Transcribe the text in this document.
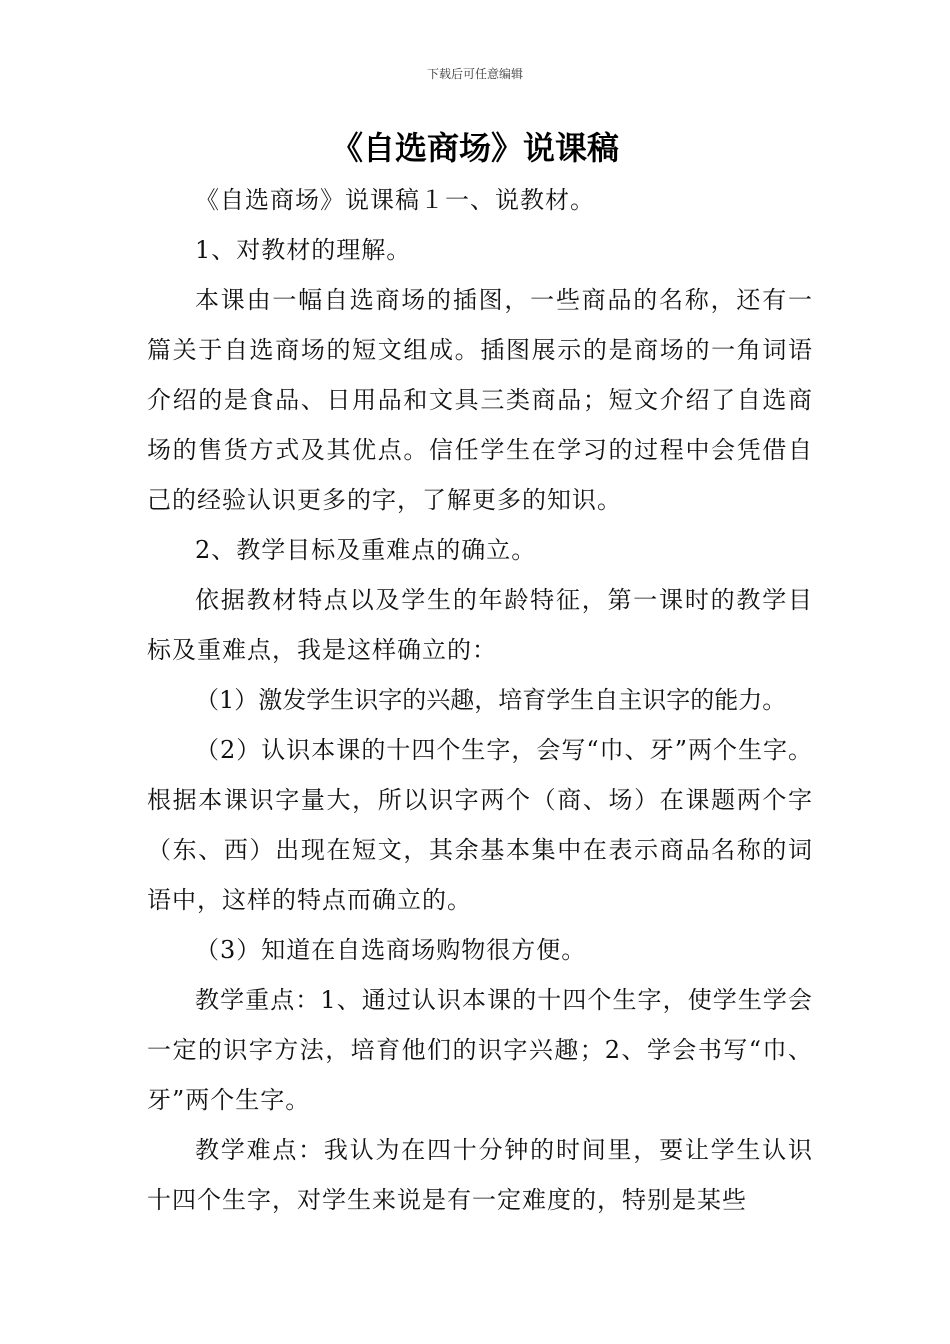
下载后可任意编辑
《自选商场》说课稿

《自选商场》说课稿１一、说教材。

1、对教材的理解。

本课由一幅自选商场的插图，一些商品的名称，还有一篇关于自选商场的短文组成。插图展示的是商场的一角词语介绍的是食品、日用品和文具三类商品；短文介绍了自选商场的售货方式及其优点。信任学生在学习的过程中会凭借自己的经验认识更多的字，了解更多的知识。

2、教学目标及重难点的确立。

依据教材特点以及学生的年龄特征，第一课时的教学目标及重难点，我是这样确立的：

（1）激发学生识字的兴趣，培育学生自主识字的能力。

（2）认识本课的十四个生字，会写“巾、牙”两个生字。根据本课识字量大，所以识字两个（商、场）在课题两个字（东、西）出现在短文，其余基本集中在表示商品名称的词语中，这样的特点而确立的。

（3）知道在自选商场购物很方便。

教学重点：1、通过认识本课的十四个生字，使学生学会一定的识字方法，培育他们的识字兴趣；2、学会书写“巾、牙”两个生字。

教学难点：我认为在四十分钟的时间里，要让学生认识十四个生字，对学生来说是有一定难度的，特别是某些
